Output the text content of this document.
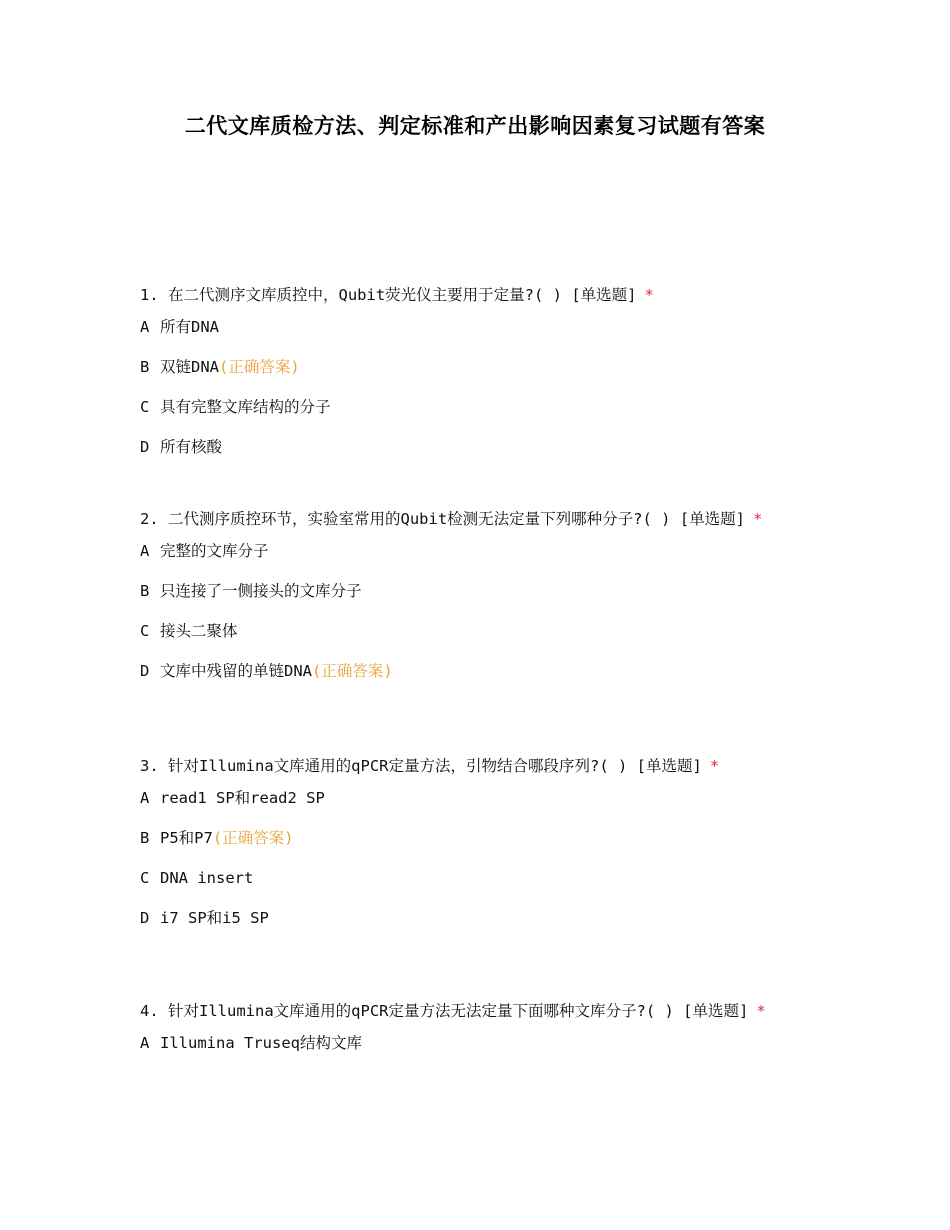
二代文库质检方法、判定标准和产出影响因素复习试题有答案
1. 在二代测序文库质控中，Qubit荧光仪主要用于定量?( ) [单选题] *
A 所有DNA
B 双链DNA(正确答案)
C 具有完整文库结构的分子
D 所有核酸
2. 二代测序质控环节，实验室常用的Qubit检测无法定量下列哪种分子?( ) [单选题] *
A 完整的文库分子
B 只连接了一侧接头的文库分子
C 接头二聚体
D 文库中残留的单链DNA(正确答案)
3. 针对Illumina文库通用的qPCR定量方法，引物结合哪段序列?( ) [单选题] *
A read1 SP和read2 SP
B P5和P7(正确答案)
C DNA insert
D i7 SP和i5 SP
4. 针对Illumina文库通用的qPCR定量方法无法定量下面哪种文库分子?( ) [单选题] *
A Illumina Truseq结构文库
